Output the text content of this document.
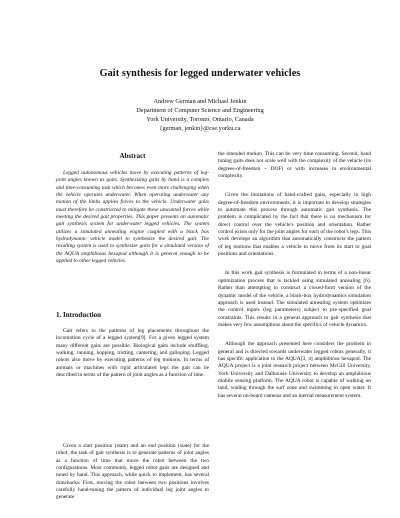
Gait synthesis for legged underwater vehicles
Andrew German and Michael Jenkin
Department of Computer Science and Engineering
York University, Toronto, Ontario, Canada
{german, jenkin}@cse.yorku.ca
Abstract

Legged autonomous vehicles move by executing patterns of leg-joint angles known as gaits. Synthesizing gaits by hand is a complex and time-consuming task which becomes even more challenging when the vehicle operates underwater. When operating underwater any motion of the limbs applies forces to the vehicle. Underwater gaits must therefore be constructed to mitigate these unwanted forces while meeting the desired gait properties. This paper presents an automatic gait synthesis system for underwater legged vehicles. The system utilizes a simulated annealing engine coupled with a black box hydrodynamic vehicle model to synthesize the desired gait. The resulting system is used to synthesize gaits for a simulated version of the AQUA amphibious hexapod although it is general enough to be applied to other legged vehicles.

1. Introduction

Gait refers to the patterns of leg placements throughout the locomotion cycle of a legged system[9]. For a given legged system many different gaits are possible. Biological gaits include shuffling, walking, running, hopping, trotting, cantering, and galloping. Legged robots also move by executing patterns of leg motions. In terms of animals or machines with rigid articulated legs the gait can be described in terms of the pattern of joint angles as a function of time.

Given a start position (state) and an end position (state) for the robot, the task of gait synthesis is to generate patterns of joint angles as a function of time that move the robot between the two configurations. Most commonly, legged robot gaits are designed and tuned by hand. This approach, while quick to implement, has several drawbacks: First, moving the robot between two positions involves carefully hand-tuning the pattern of individual leg joint angles to generate

the intended motion. This can be very time consuming. Second, hand tuning gaits does not scale well with the complexity of the vehicle (its degrees-of-freedom – DOF) or with increases in environmental complexity.

Given the limitations of hand-crafted gaits, especially in high degree-of-freedom environments, it is important to develop strategies to automate this process through automatic gait synthesis. The problem is complicated by the fact that there is no mechanism for direct control over the vehicle's position and orientation. Rather control exists only for the joint angles for each of the robot's legs. This work develops an algorithm that automatically constructs the pattern of leg motions that enables a vehicle to move from its start to goal positions and orientations.

In this work gait synthesis is formulated in terms of a non-linear optimization process that is tackled using simulated annealing [6]. Rather than attempting to construct a closed-form version of the dynamic model of the vehicle, a black-box hydrodynamics simulation approach is used instead. The simulated annealing system optimizes the control inputs (leg parameters) subject to pre-specified goal constraints. This results in a general approach to gait synthesis that makes very few assumptions about the specifics of vehicle dynamics.

Although the approach presented here considers the problem in general and is directed towards underwater legged robots generally, it has specific application to the AQUA[3, 4] amphibious hexapod. The AQUA project is a joint research project between McGill University, York University and Dalhousie University to develop an amphibious mobile sensing platform. The AQUA robot is capable of walking on land, wading through the surf zone and swimming in open water. It has several on-board cameras and an inertial measurement system.
